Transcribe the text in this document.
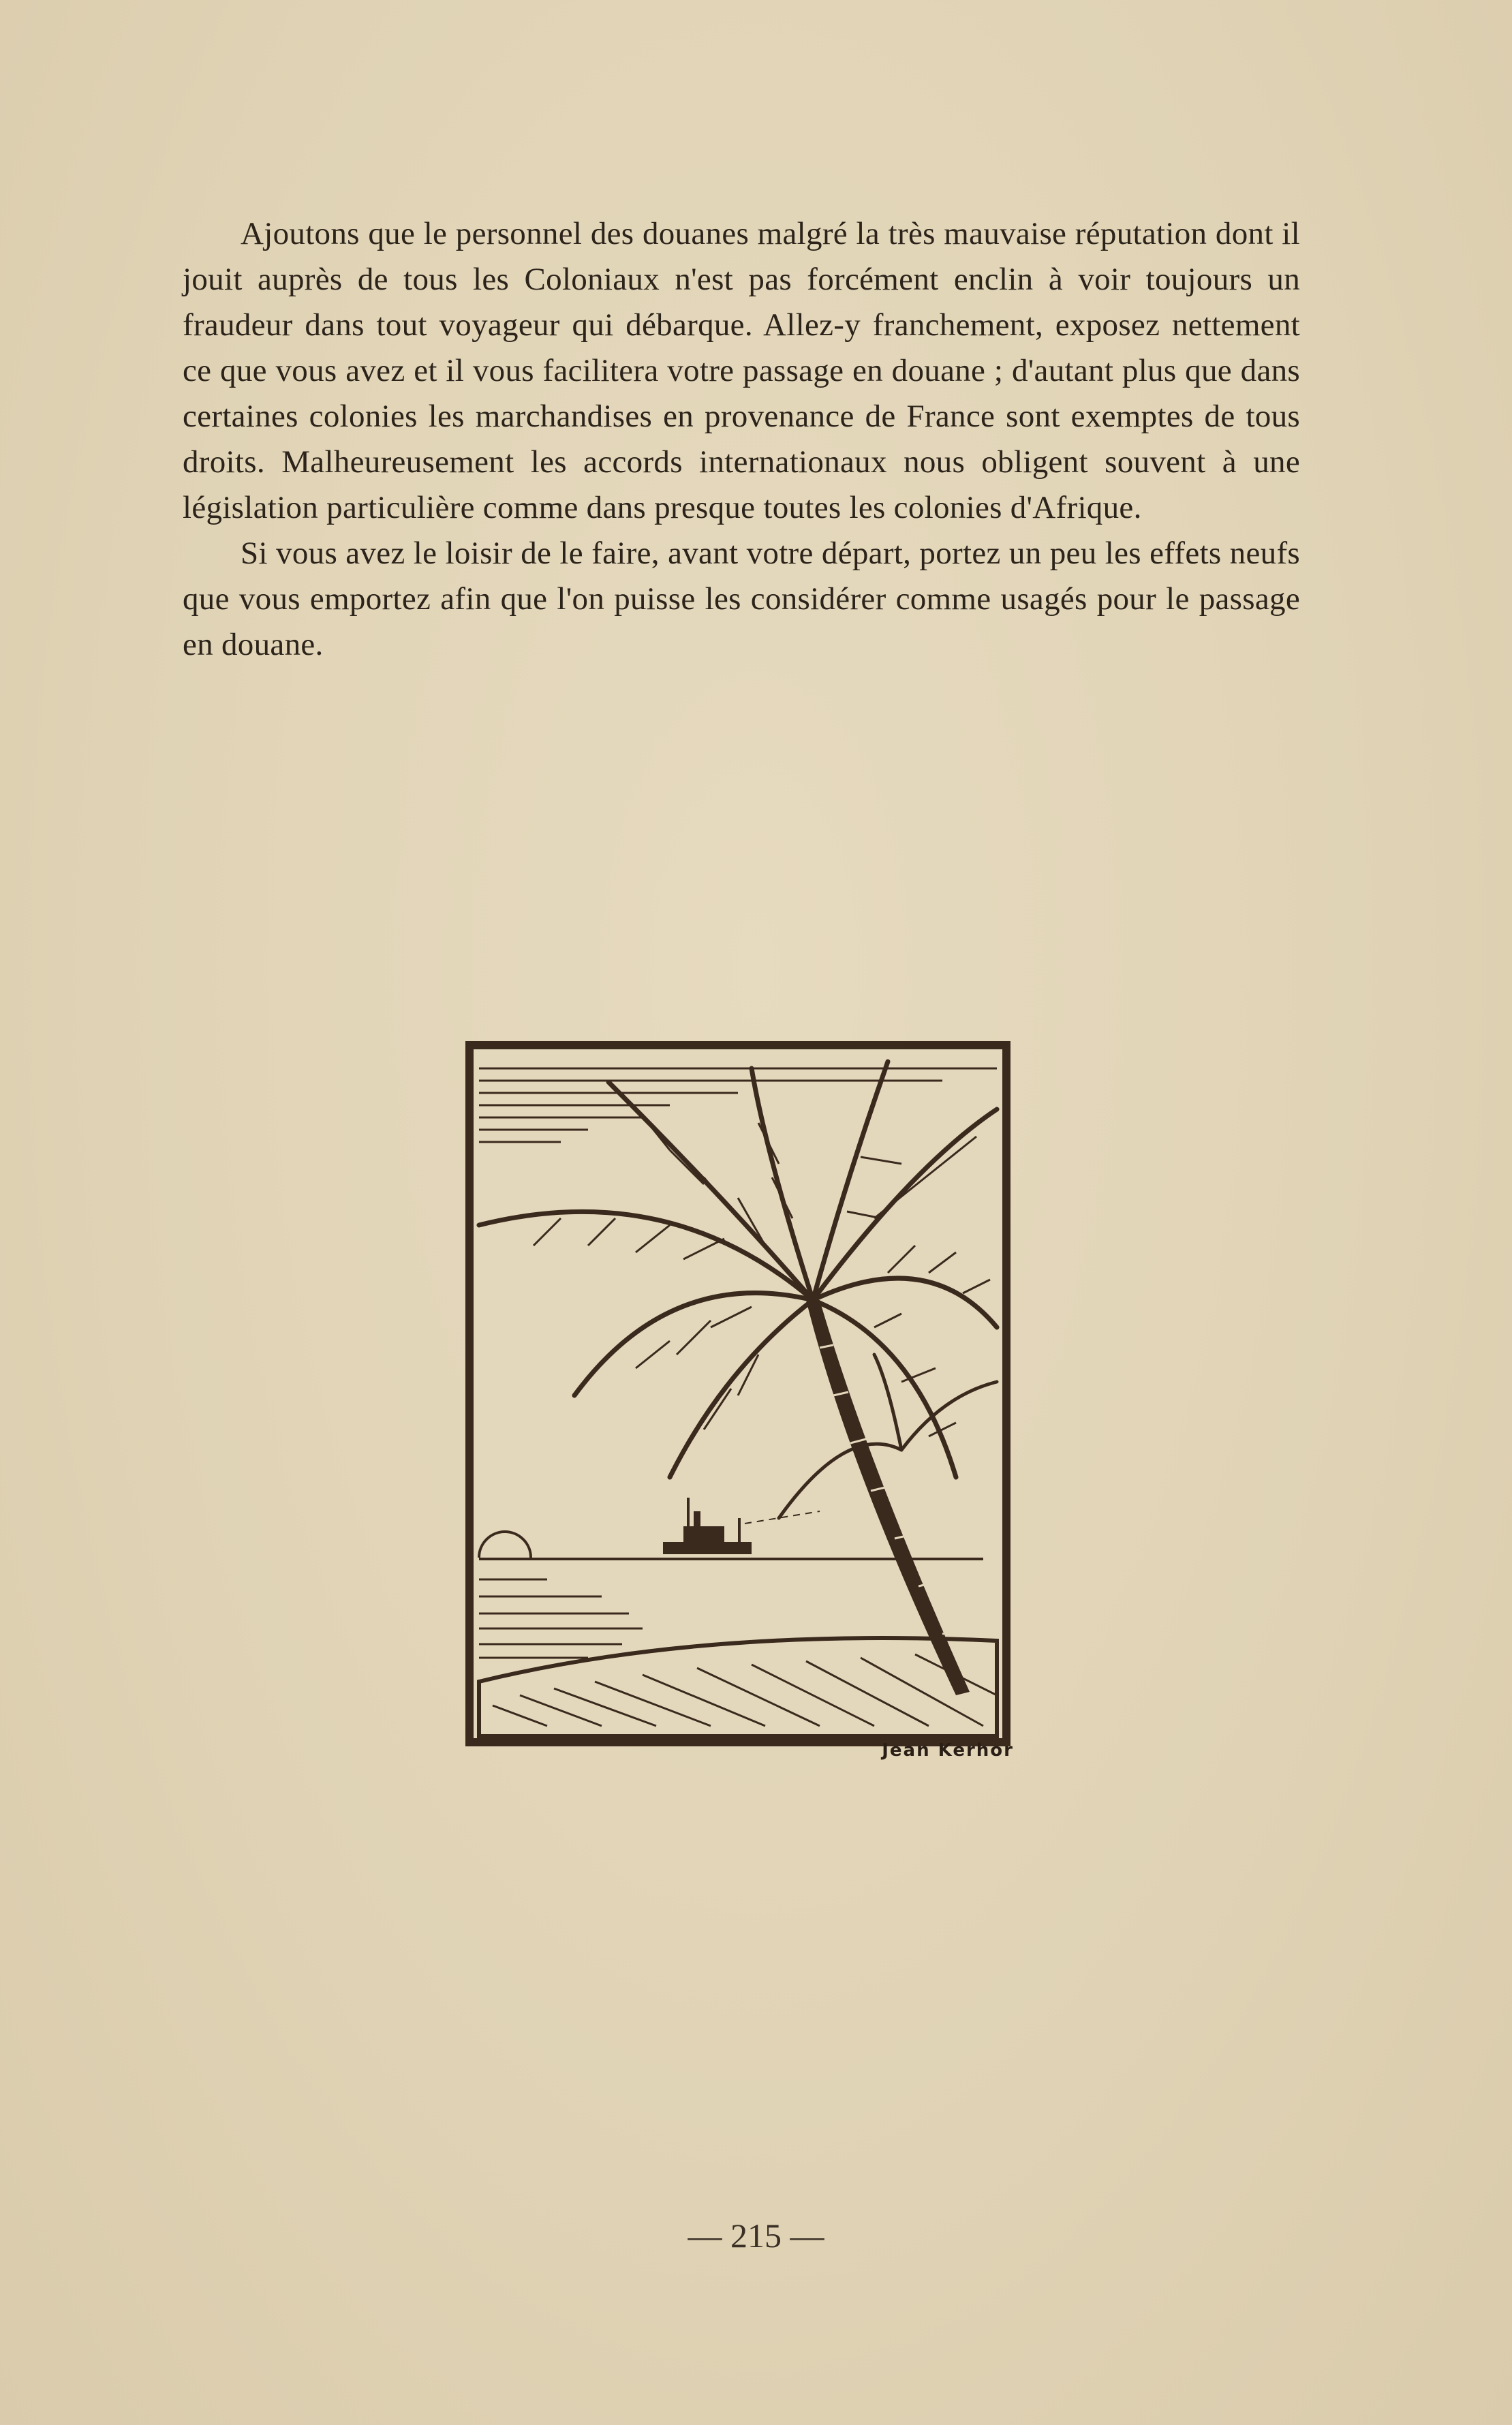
Ajoutons que le personnel des douanes malgré la très mauvaise réputation dont il jouit auprès de tous les Coloniaux n'est pas forcément enclin à voir toujours un fraudeur dans tout voyageur qui débarque. Allez-y franchement, exposez nettement ce que vous avez et il vous facilitera votre passage en douane ; d'autant plus que dans certaines colonies les marchandises en provenance de France sont exemptes de tous droits. Malheureusement les accords internationaux nous obligent souvent à une législation particulière comme dans presque toutes les colonies d'Afrique.

Si vous avez le loisir de le faire, avant votre départ, portez un peu les effets neufs que vous emportez afin que l'on puisse les considérer comme usagés pour le passage en douane.

Jean Kerhor
— 215 —
